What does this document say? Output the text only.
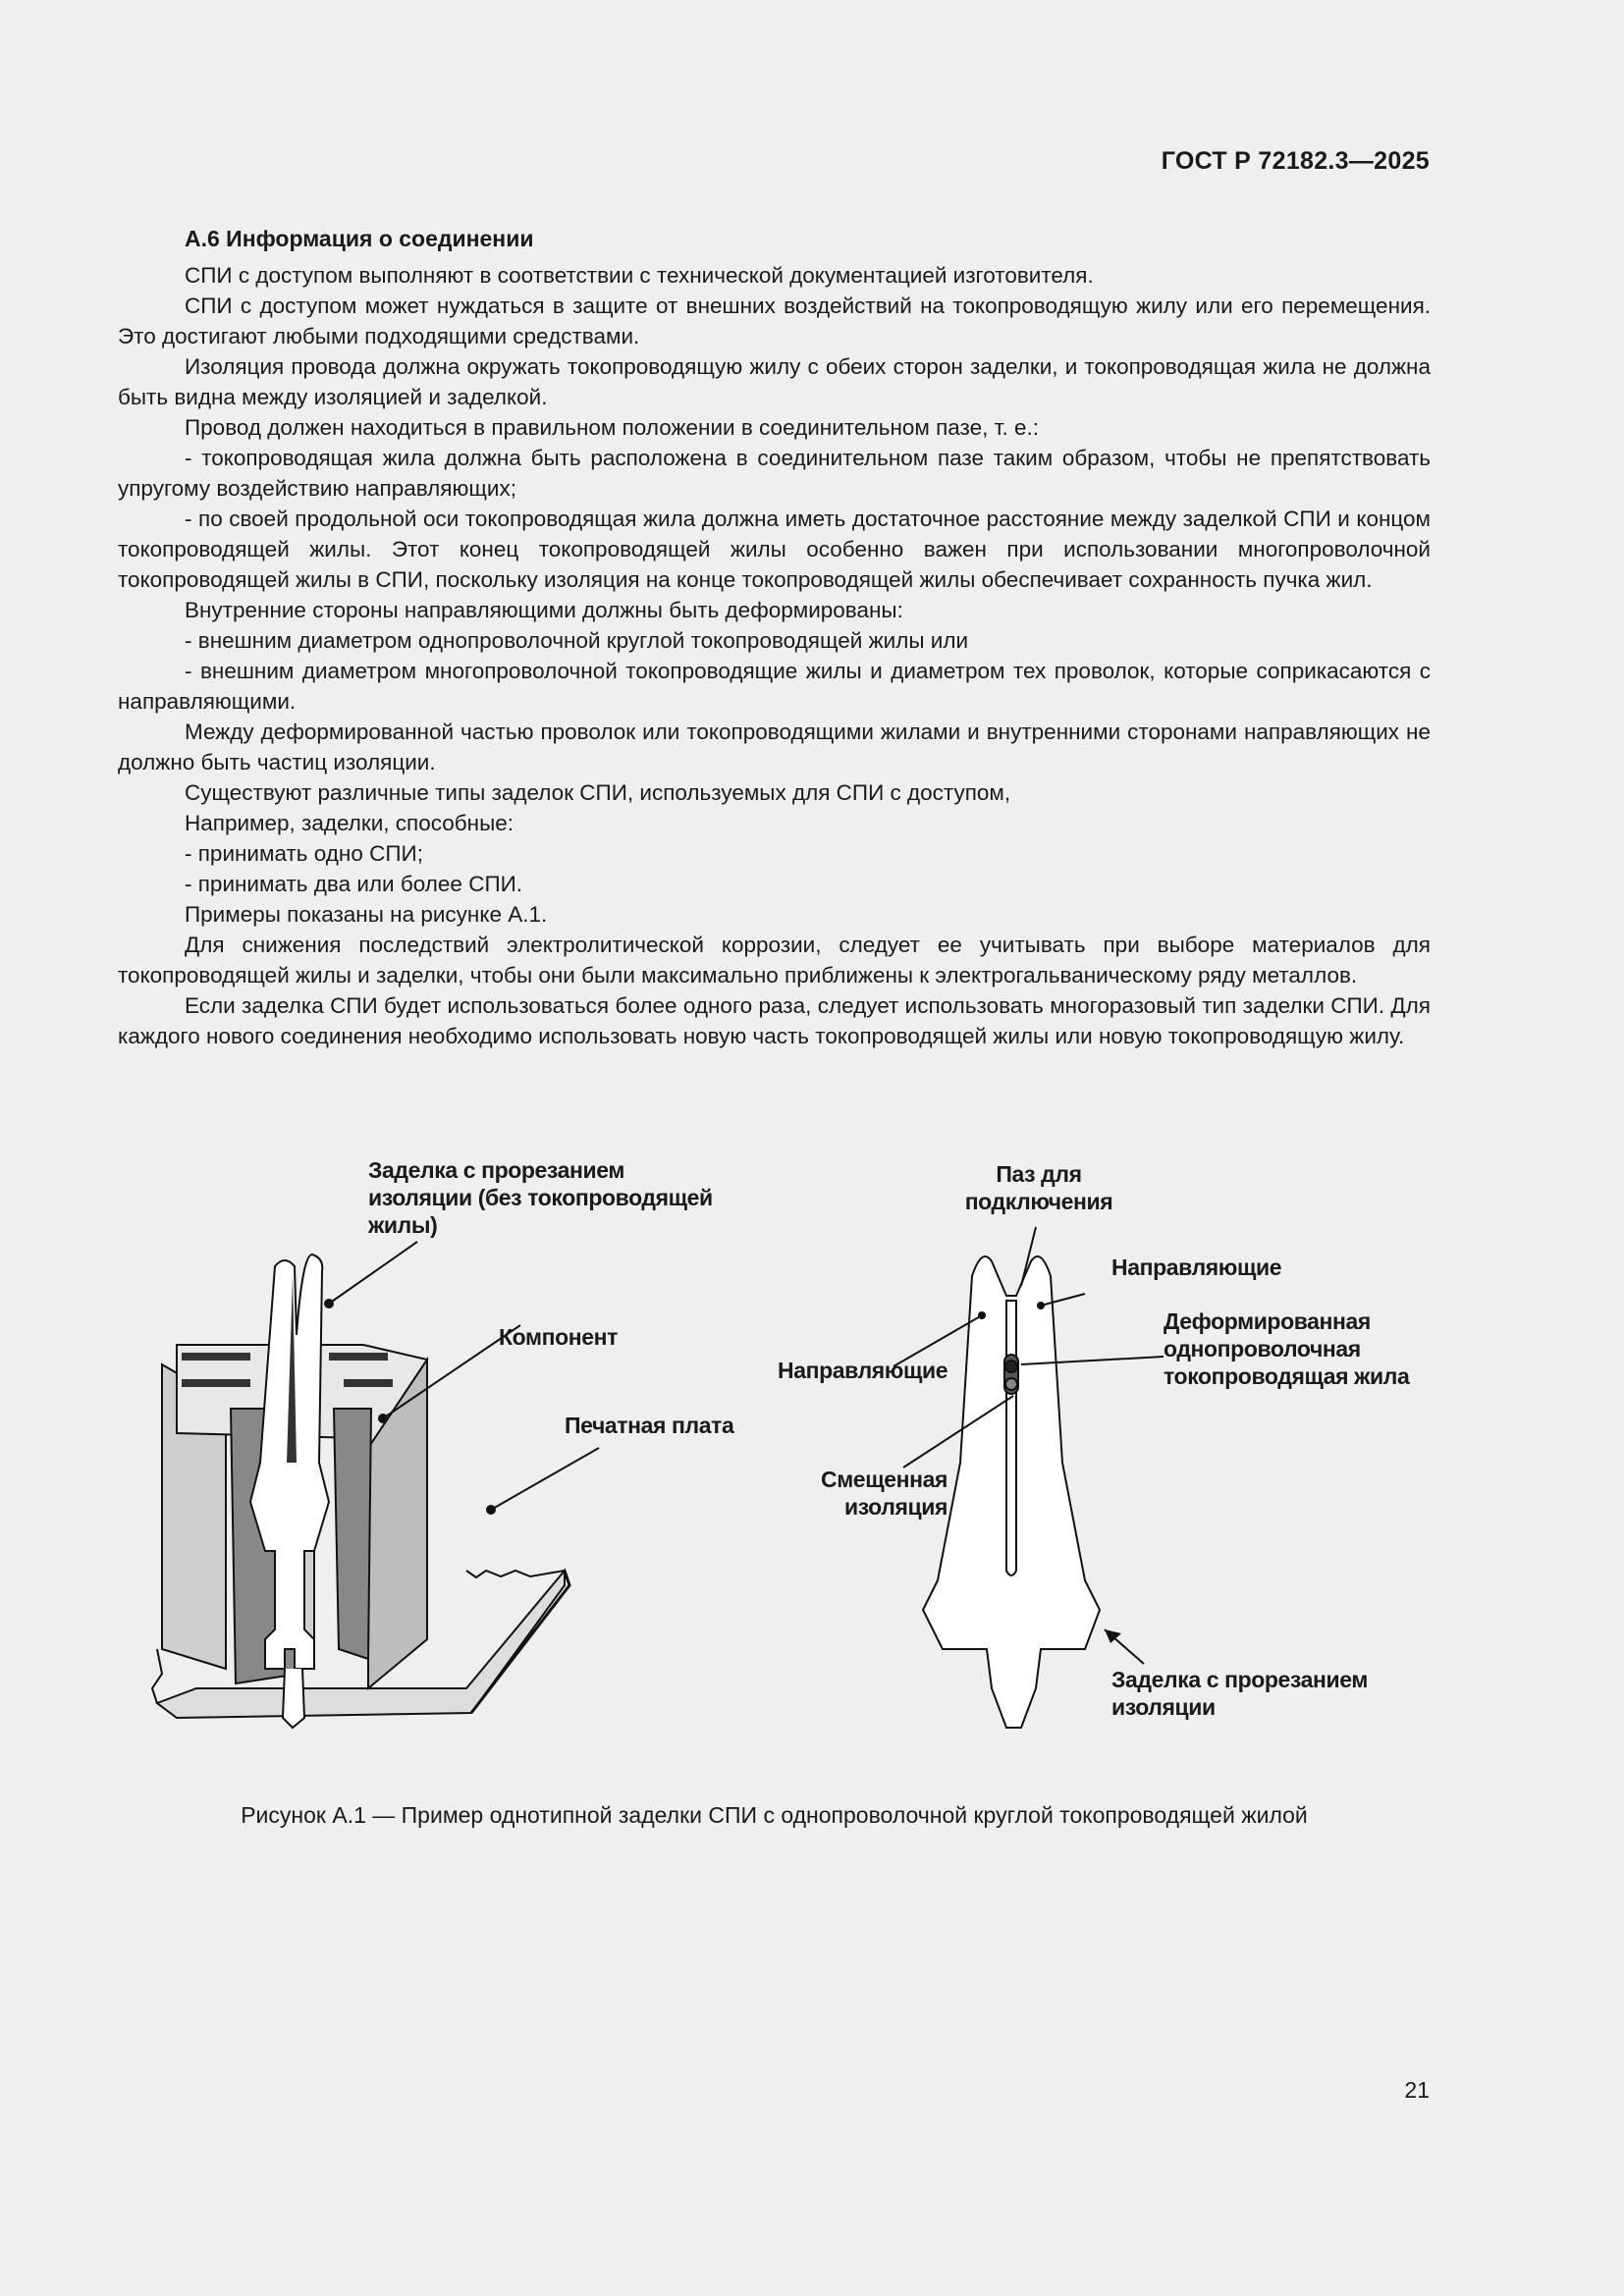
ГОСТ Р 72182.3—2025
А.6 Информация о соединении

СПИ с доступом выполняют в соответствии с технической документацией изготовителя.

СПИ с доступом может нуждаться в защите от внешних воздействий на токопроводящую жилу или его перемещения. Это достигают любыми подходящими средствами.

Изоляция провода должна окружать токопроводящую жилу с обеих сторон заделки, и токопроводящая жила не должна быть видна между изоляцией и заделкой.

Провод должен находиться в правильном положении в соединительном пазе, т. е.:

- токопроводящая жила должна быть расположена в соединительном пазе таким образом, чтобы не препятствовать упругому воздействию направляющих;

- по своей продольной оси токопроводящая жила должна иметь достаточное расстояние между заделкой СПИ и концом токопроводящей жилы. Этот конец токопроводящей жилы особенно важен при использовании многопроволочной токопроводящей жилы в СПИ, поскольку изоляция на конце токопроводящей жилы обеспечивает сохранность пучка жил.

Внутренние стороны направляющими должны быть деформированы:

- внешним диаметром однопроволочной круглой токопроводящей жилы или

- внешним диаметром многопроволочной токопроводящие жилы и диаметром тех проволок, которые соприкасаются с направляющими.

Между деформированной частью проволок или токопроводящими жилами и внутренними сторонами направляющих не должно быть частиц изоляции.

Существуют различные типы заделок СПИ, используемых для СПИ с доступом,

Например, заделки, способные:

- принимать одно СПИ;

- принимать два или более СПИ.

Примеры показаны на рисунке А.1.

Для снижения последствий электролитической коррозии, следует ее учитывать при выборе материалов для токопроводящей жилы и заделки, чтобы они были максимально приближены к электрогальваническому ряду металлов.

Если заделка СПИ будет использоваться более одного раза, следует использовать многоразовый тип заделки СПИ. Для каждого нового соединения необходимо использовать новую часть токопроводящей жилы или новую токопроводящую жилу.

Заделка с прорезанием
изоляции (без токопроводящей
жилы)
Компонент
Печатная плата
Паз для
подключения
Направляющие
Направляющие
Деформированная
однопроволочная
токопроводящая жила
Смещенная
изоляция
Заделка с прорезанием
изоляции
Рисунок А.1 — Пример однотипной заделки СПИ с однопроволочной круглой токопроводящей жилой
21
